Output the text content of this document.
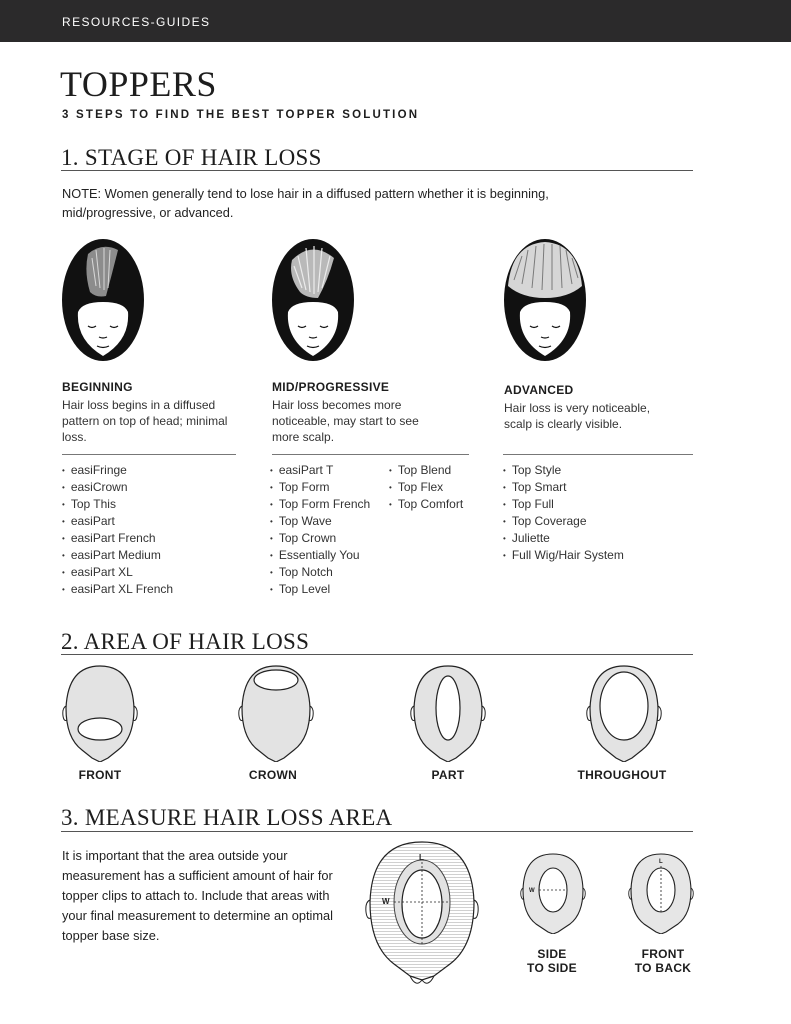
RESOURCES-GUIDES
TOPPERS
3 STEPS TO FIND THE BEST TOPPER SOLUTION
1. STAGE OF HAIR LOSS
NOTE: Women generally tend to lose hair in a diffused pattern whether it is beginning, mid/progressive, or advanced.
BEGINNING
Hair loss begins in a diffused pattern on top of head; minimal loss.
• easiFringe
• easiCrown
• Top This
• easiPart
• easiPart French
• easiPart Medium
• easiPart XL
• easiPart XL French
MID/PROGRESSIVE
Hair loss becomes more noticeable, may start to see more scalp.
• easiPart T
• Top Form
• Top Form French
• Top Wave
• Top Crown
• Essentially You
• Top Notch
• Top Level
• Top Blend
• Top Flex
• Top Comfort
ADVANCED
Hair loss is very noticeable, scalp is clearly visible.
• Top Style
• Top Smart
• Top Full
• Top Coverage
• Juliette
• Full Wig/Hair System
2. AREA OF HAIR LOSS
FRONT	CROWN	PART	THROUGHOUT
3. MEASURE HAIR LOSS AREA
It is important that the area outside your measurement has a sufficient amount of hair for topper clips to attach to. Include that areas with your final measurement to determine an optimal topper base size.
L
W
W
L
SIDE
TO SIDE
FRONT
TO BACK
